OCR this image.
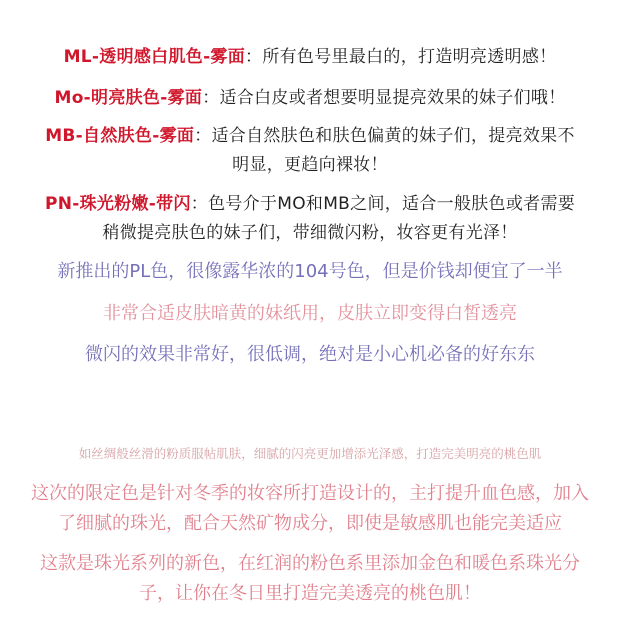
ML-透明感白肌色-雾面：所有色号里最白的，打造明亮透明感！
Mo-明亮肤色-雾面：适合白皮或者想要明显提亮效果的妹子们哦！
MB-自然肤色-雾面：适合自然肤色和肤色偏黄的妹子们，提亮效果不
明显，更趋向裸妆！
PN-珠光粉嫩-带闪：色号介于MO和MB之间，适合一般肤色或者需要
稍微提亮肤色的妹子们，带细微闪粉，妆容更有光泽！
新推出的PL色，很像露华浓的104号色，但是价钱却便宜了一半
非常合适皮肤暗黄的妹纸用，皮肤立即变得白皙透亮
微闪的效果非常好，很低调，绝对是小心机必备的好东东
如丝绸般丝滑的粉质服帖肌肤，细腻的闪亮更加增添光泽感，打造完美明亮的桃色肌
这次的限定色是针对冬季的妆容所打造设计的，主打提升血色感，加入
了细腻的珠光，配合天然矿物成分，即使是敏感肌也能完美适应
这款是珠光系列的新色，在红润的粉色系里添加金色和暖色系珠光分
子，让你在冬日里打造完美透亮的桃色肌！
